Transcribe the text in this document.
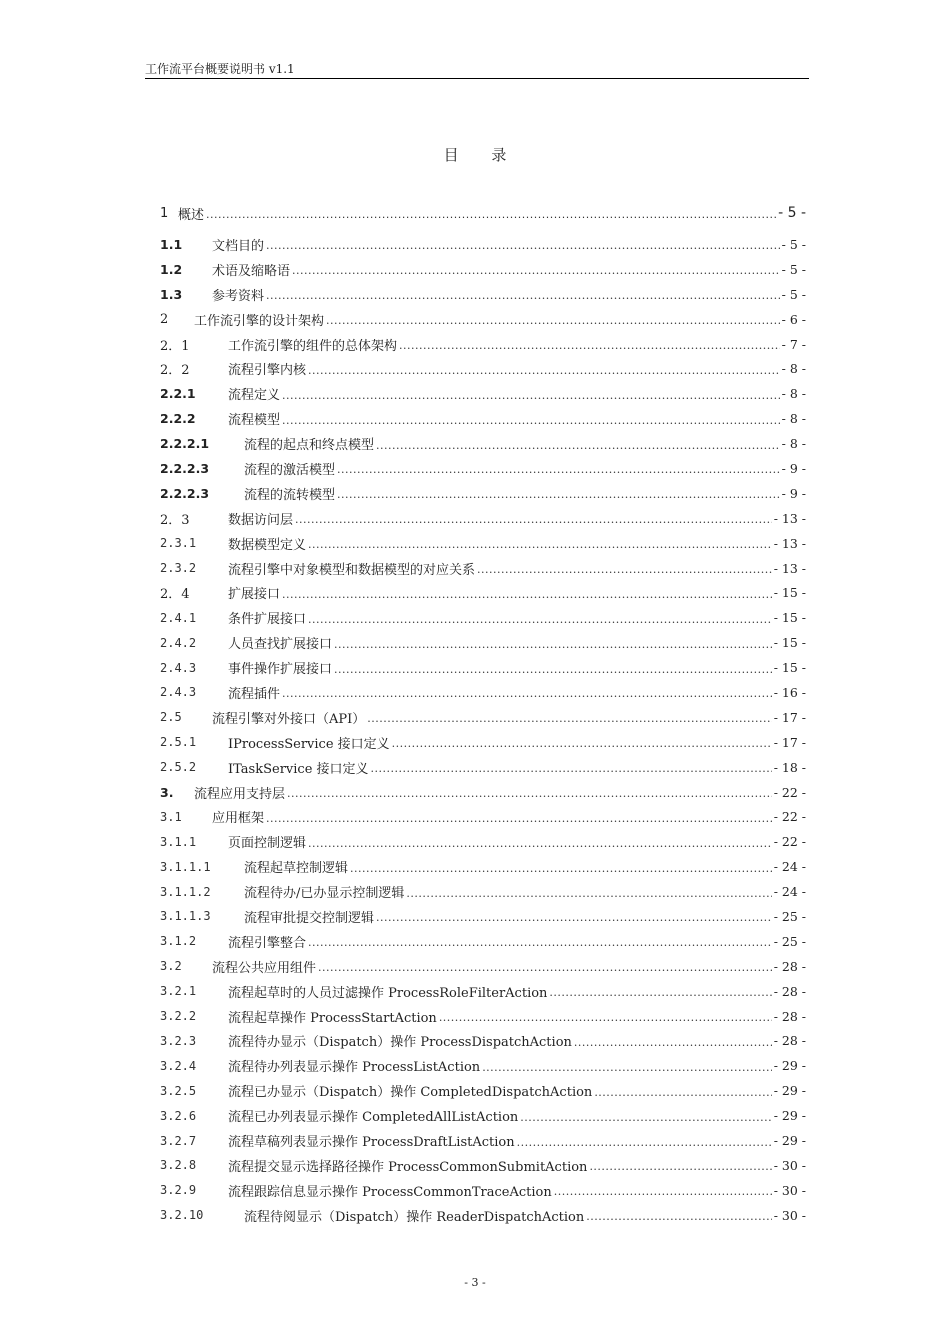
工作流平台概要说明书 v1.1
目 录
1 概述 .....	- 5 -
1.1	文档目的 .....	- 5 -
1.2	术语及缩略语 .....	- 5 -
1.3	参考资料 .....	- 5 -
2	工作流引擎的设计架构 .....	- 6 -
2．1	工作流引擎的组件的总体架构 .....	- 7 -
2．2	流程引擎内核 .....	- 8 -
2.2.1	流程定义 .....	- 8 -
2.2.2	流程模型 .....	- 8 -
2.2.2.1	流程的起点和终点模型 .....	- 8 -
2.2.2.3	流程的激活模型 .....	- 9 -
2.2.2.3	流程的流转模型 .....	- 9 -
2．3	数据访问层 .....	- 13 -
2.3.1	数据模型定义 .....	- 13 -
2.3.2	流程引擎中对象模型和数据模型的对应关系 .....	- 13 -
2．4	扩展接口 .....	- 15 -
2.4.1	条件扩展接口 .....	- 15 -
2.4.2	人员查找扩展接口 .....	- 15 -
2.4.3	事件操作扩展接口 .....	- 15 -
2.4.3	流程插件 .....	- 16 -
2.5	流程引擎对外接口（API） .....	- 17 -
2.5.1	IProcessService 接口定义 .....	- 17 -
2.5.2	ITaskService 接口定义 .....	- 18 -
3.	流程应用支持层 .....	- 22 -
3.1	应用框架 .....	- 22 -
3.1.1	页面控制逻辑 .....	- 22 -
3.1.1.1	流程起草控制逻辑 .....	- 24 -
3.1.1.2	流程待办/已办显示控制逻辑 .....	- 24 -
3.1.1.3	流程审批提交控制逻辑 .....	- 25 -
3.1.2	流程引擎整合 .....	- 25 -
3.2	流程公共应用组件 .....	- 28 -
3.2.1	流程起草时的人员过滤操作 ProcessRoleFilterAction .....	- 28 -
3.2.2	流程起草操作 ProcessStartAction .....	- 28 -
3.2.3	流程待办显示（Dispatch）操作 ProcessDispatchAction .....	- 28 -
3.2.4	流程待办列表显示操作 ProcessListAction .....	- 29 -
3.2.5	流程已办显示（Dispatch）操作 CompletedDispatchAction .....	- 29 -
3.2.6	流程已办列表显示操作 CompletedAllListAction .....	- 29 -
3.2.7	流程草稿列表显示操作 ProcessDraftListAction .....	- 29 -
3.2.8	流程提交显示选择路径操作 ProcessCommonSubmitAction .....	- 30 -
3.2.9	流程跟踪信息显示操作 ProcessCommonTraceAction .....	- 30 -
3.2.10	流程待阅显示（Dispatch）操作 ReaderDispatchAction .....	- 30 -
- 3 -
